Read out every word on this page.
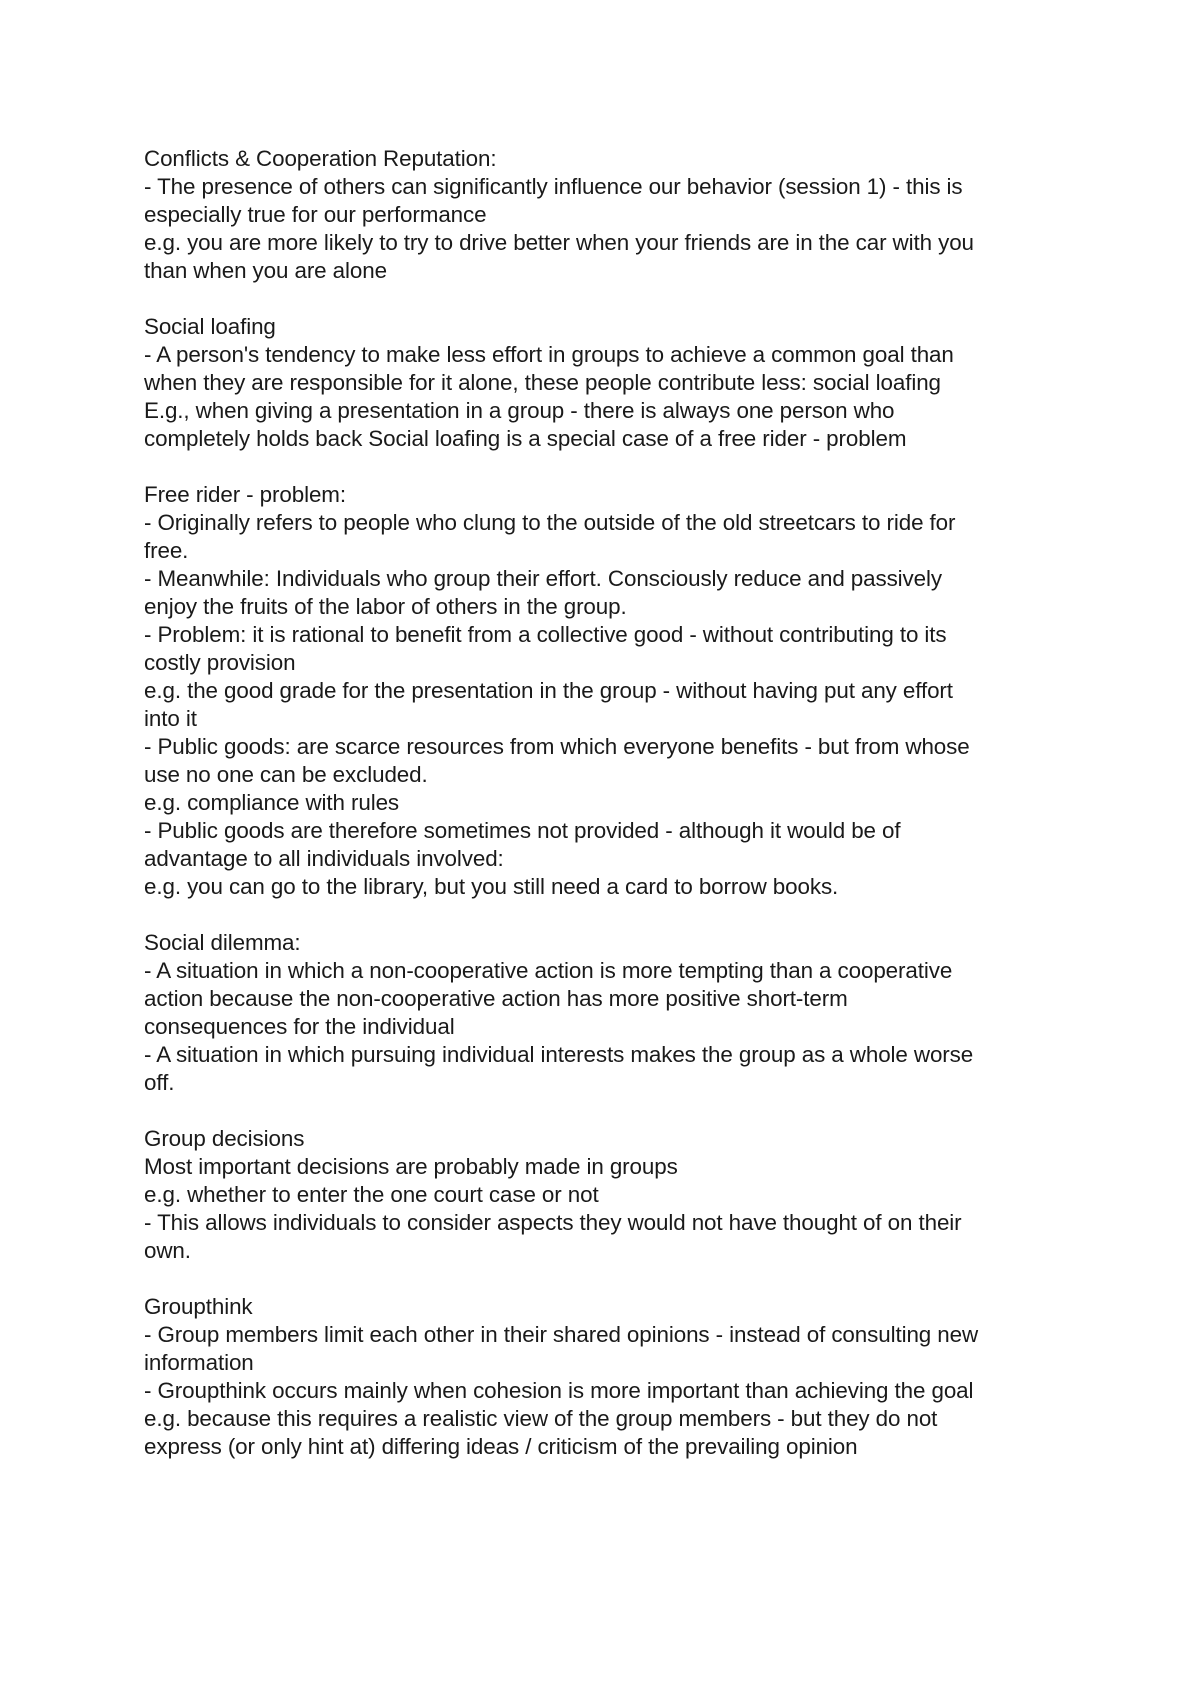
Conflicts & Cooperation Reputation:
- The presence of others can significantly influence our behavior (session 1) - this is
especially true for our performance
e.g. you are more likely to try to drive better when your friends are in the car with you
than when you are alone
Social loafing
- A person's tendency to make less effort in groups to achieve a common goal than
when they are responsible for it alone, these people contribute less: social loafing
E.g., when giving a presentation in a group - there is always one person who
completely holds back Social loafing is a special case of a free rider - problem
Free rider - problem:
- Originally refers to people who clung to the outside of the old streetcars to ride for
free.
- Meanwhile: Individuals who group their effort. Consciously reduce and passively
enjoy the fruits of the labor of others in the group.
- Problem: it is rational to benefit from a collective good - without contributing to its
costly provision
e.g. the good grade for the presentation in the group - without having put any effort
into it
- Public goods: are scarce resources from which everyone benefits - but from whose
use no one can be excluded.
e.g. compliance with rules
- Public goods are therefore sometimes not provided - although it would be of
advantage to all individuals involved:
e.g. you can go to the library, but you still need a card to borrow books.
Social dilemma:
- A situation in which a non-cooperative action is more tempting than a cooperative
action because the non-cooperative action has more positive short-term
consequences for the individual
- A situation in which pursuing individual interests makes the group as a whole worse
off.
Group decisions
Most important decisions are probably made in groups
e.g. whether to enter the one court case or not
- This allows individuals to consider aspects they would not have thought of on their
own.
Groupthink
- Group members limit each other in their shared opinions - instead of consulting new
information
- Groupthink occurs mainly when cohesion is more important than achieving the goal
e.g. because this requires a realistic view of the group members - but they do not
express (or only hint at) differing ideas / criticism of the prevailing opinion
